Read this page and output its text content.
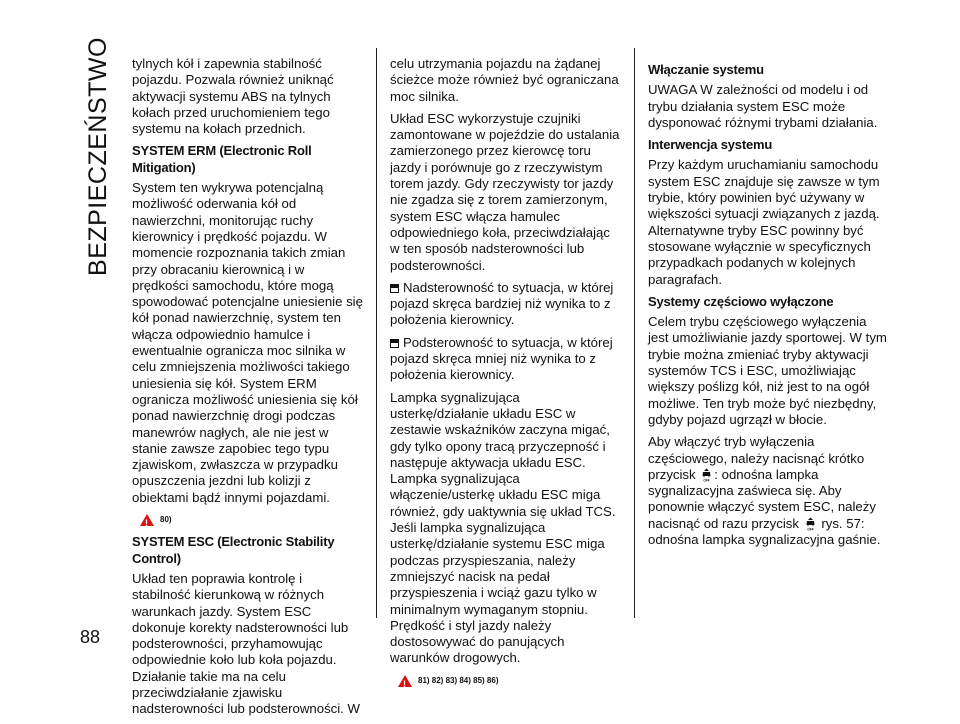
BEZPIECZEŃSTWO
88

tylnych kół i zapewnia stabilność pojazdu. Pozwala również uniknąć aktywacji systemu ABS na tylnych kołach przed uruchomieniem tego systemu na kołach przednich.

SYSTEM ERM (Electronic Roll Mitigation)

System ten wykrywa potencjalną możliwość oderwania kół od nawierzchni, monitorując ruchy kierownicy i prędkość pojazdu. W momencie rozpoznania takich zmian przy obracaniu kierownicą i w prędkości samochodu, które mogą spowodować potencjalne uniesienie się kół ponad nawierzchnię, system ten włącza odpowiednio hamulce i ewentualnie ogranicza moc silnika w celu zmniejszenia możliwości takiego uniesienia się kół. System ERM ogranicza możliwość uniesienia się kół ponad nawierzchnię drogi podczas manewrów nagłych, ale nie jest w stanie zawsze zapobiec tego typu zjawiskom, zwłaszcza w przypadku opuszczenia jezdni lub kolizji z obiektami bądź innymi pojazdami.

!
80)
SYSTEM ESC (Electronic Stability Control)

Układ ten poprawia kontrolę i stabilność kierunkową w różnych warunkach jazdy. System ESC dokonuje korekty nadsterowności lub podsterowności, przyhamowując odpowiednie koło lub koła pojazdu. Działanie takie ma na celu przeciwdziałanie zjawisku nadsterowności lub podsterowności. W

celu utrzymania pojazdu na żądanej ścieżce może również być ograniczana moc silnika.

Układ ESC wykorzystuje czujniki zamontowane w pojeździe do ustalania zamierzonego przez kierowcę toru jazdy i porównuje go z rzeczywistym torem jazdy. Gdy rzeczywisty tor jazdy nie zgadza się z torem zamierzonym, system ESC włącza hamulec odpowiedniego koła, przeciwdziałając w ten sposób nadsterowności lub podsterowności.

Nadsterowność to sytuacja, w której pojazd skręca bardziej niż wynika to z położenia kierownicy.

Podsterowność to sytuacja, w której pojazd skręca mniej niż wynika to z położenia kierownicy.

Lampka sygnalizująca usterkę/działanie układu ESC w zestawie wskaźników zaczyna migać, gdy tylko opony tracą przyczepność i następuje aktywacja układu ESC. Lampka sygnalizująca włączenie/usterkę układu ESC miga również, gdy uaktywnia się układ TCS. Jeśli lampka sygnalizująca usterkę/działanie systemu ESC miga podczas przyspieszania, należy zmniejszyć nacisk na pedał przyspieszenia i wciąż gazu tylko w minimalnym wymaganym stopniu. Prędkość i styl jazdy należy dostosowywać do panujących warunków drogowych.

!
81) 82) 83) 84) 85) 86)
Włączanie systemu

UWAGA W zależności od modelu i od trybu działania system ESC może dysponować różnymi trybami działania.

Interwencja systemu

Przy każdym uruchamianiu samochodu system ESC znajduje się zawsze w tym trybie, który powinien być używany w większości sytuacji związanych z jazdą. Alternatywne tryby ESC powinny być stosowane wyłącznie w specyficznych przypadkach podanych w kolejnych paragrafach.

Systemy częściowo wyłączone

Celem trybu częściowego wyłączenia jest umożliwianie jazdy sportowej. W tym trybie można zmieniać tryby aktywacji systemów TCS i ESC, umożliwiając większy poślizg kół, niż jest to na ogół możliwe. Ten tryb może być niezbędny, gdyby pojazd ugrzązł w błocie.

Aby włączyć tryb wyłączenia częściowego, należy nacisnąć krótko przycisk OFF : odnośna lampka sygnalizacyjna zaświeca się. Aby ponownie włączyć system ESC, należy nacisnąć od razu przycisk OFF rys. 57: odnośna lampka sygnalizacyjna gaśnie.
